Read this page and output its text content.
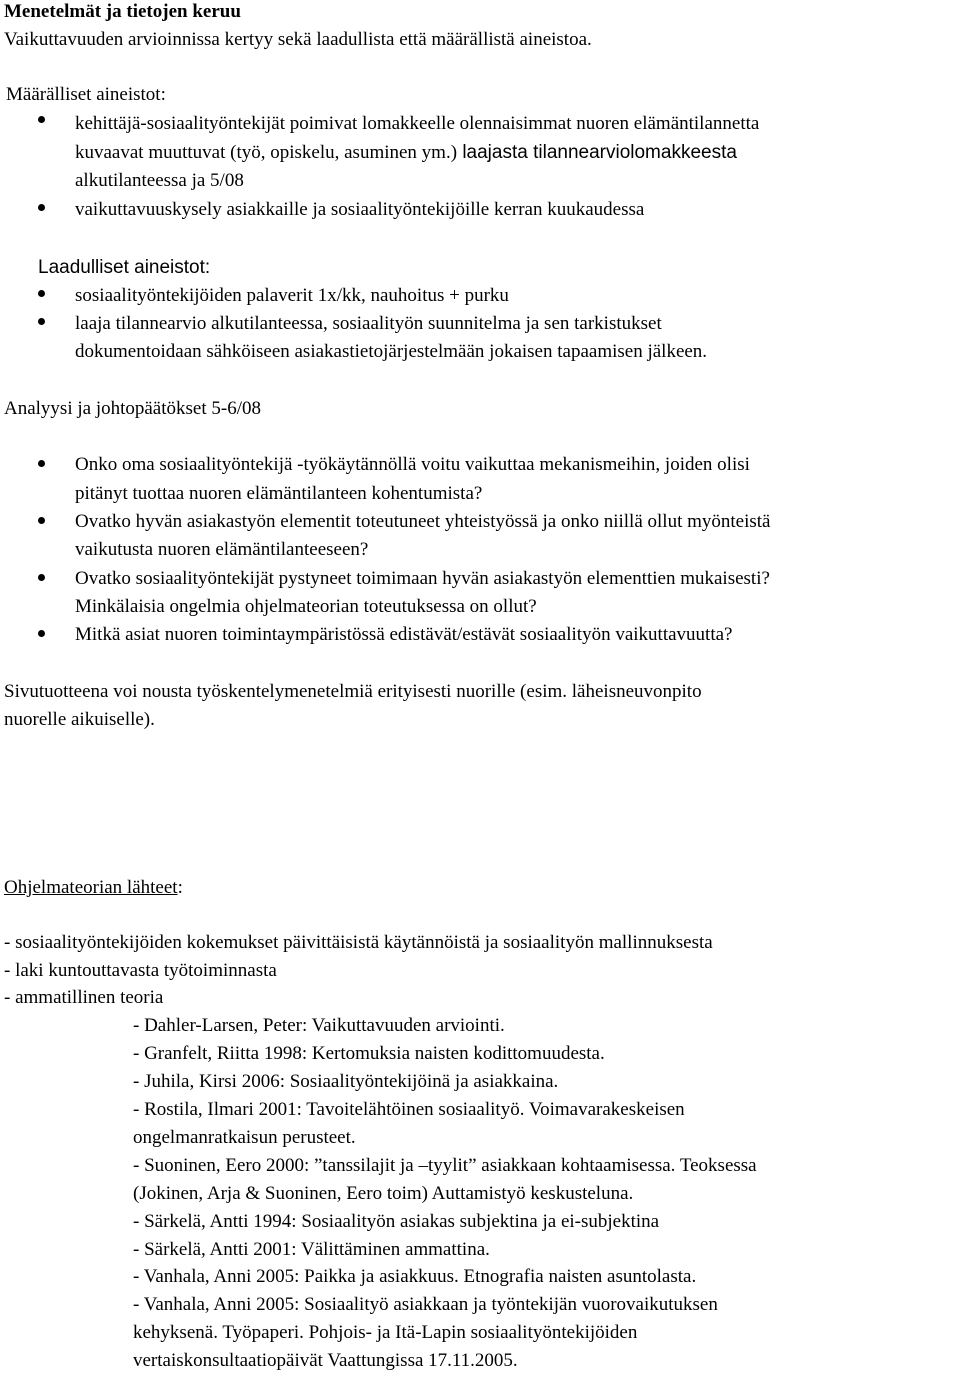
Menetelmät ja tietojen keruu
Vaikuttavuuden arvioinnissa kertyy sekä laadullista että määrällistä aineistoa.
Määrälliset aineistot:
kehittäjä-sosiaalityöntekijät poimivat lomakkeelle olennaisimmat nuoren elämäntilannetta
kuvaavat muuttuvat (työ, opiskelu, asuminen ym.) laajasta tilannearviolomakkeesta
alkutilanteessa ja 5/08
vaikuttavuuskysely asiakkaille ja sosiaalityöntekijöille kerran kuukaudessa
Laadulliset aineistot:
sosiaalityöntekijöiden palaverit 1x/kk, nauhoitus + purku
laaja tilannearvio alkutilanteessa, sosiaalityön suunnitelma ja sen tarkistukset
dokumentoidaan sähköiseen asiakastietojärjestelmään jokaisen tapaamisen jälkeen.
Analyysi ja johtopäätökset 5-6/08
Onko oma sosiaalityöntekijä -työkäytännöllä voitu vaikuttaa mekanismeihin, joiden olisi
pitänyt tuottaa nuoren elämäntilanteen kohentumista?
Ovatko hyvän asiakastyön elementit toteutuneet yhteistyössä ja onko niillä ollut myönteistä
vaikutusta nuoren elämäntilanteeseen?
Ovatko sosiaalityöntekijät pystyneet toimimaan hyvän asiakastyön elementtien mukaisesti?
Minkälaisia ongelmia ohjelmateorian toteutuksessa on ollut?
Mitkä asiat nuoren toimintaympäristössä edistävät/estävät sosiaalityön vaikuttavuutta?
Sivutuotteena voi nousta työskentelymenetelmiä erityisesti nuorille (esim. läheisneuvonpito
nuorelle aikuiselle).
Ohjelmateorian lähteet:
- sosiaalityöntekijöiden kokemukset päivittäisistä käytännöistä ja sosiaalityön mallinnuksesta
- laki kuntouttavasta työtoiminnasta
- ammatillinen teoria
- Dahler-Larsen, Peter: Vaikuttavuuden arviointi.
- Granfelt, Riitta 1998: Kertomuksia naisten kodittomuudesta.
- Juhila, Kirsi 2006: Sosiaalityöntekijöinä ja asiakkaina.
- Rostila, Ilmari 2001: Tavoitelähtöinen sosiaalityö. Voimavarakeskeisen
ongelmanratkaisun perusteet.
- Suoninen, Eero 2000: ”tanssilajit ja –tyylit” asiakkaan kohtaamisessa. Teoksessa
(Jokinen, Arja & Suoninen, Eero toim) Auttamistyö keskusteluna.
- Särkelä, Antti 1994: Sosiaalityön asiakas subjektina ja ei-subjektina
- Särkelä, Antti 2001: Välittäminen ammattina.
- Vanhala, Anni 2005: Paikka ja asiakkuus. Etnografia naisten asuntolasta.
- Vanhala, Anni 2005: Sosiaalityö asiakkaan ja työntekijän vuorovaikutuksen
kehyksenä. Työpaperi. Pohjois- ja Itä-Lapin sosiaalityöntekijöiden
vertaiskonsultaatiopäivät Vaattungissa 17.11.2005.
